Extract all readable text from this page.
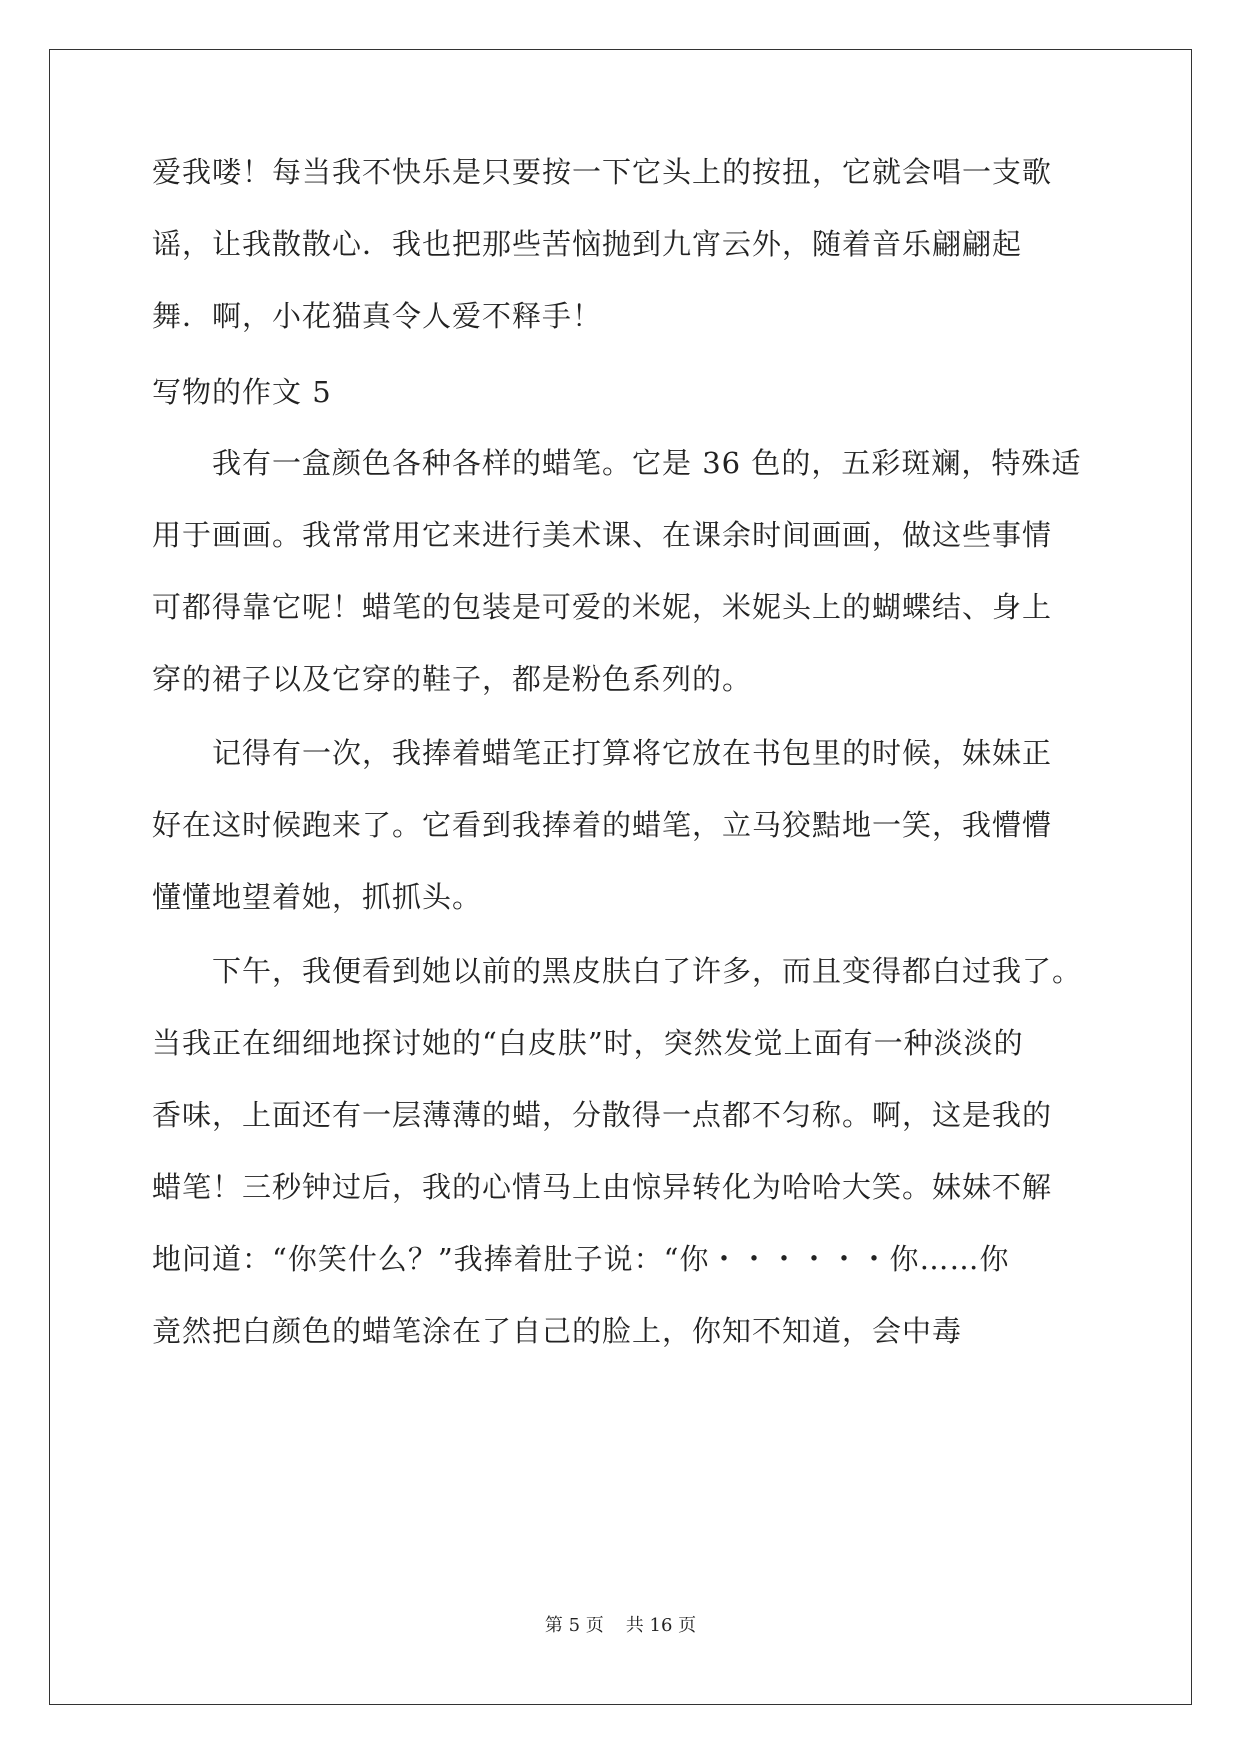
爱我喽！每当我不快乐是只要按一下它头上的按扭，它就会唱一支歌
谣，让我散散心．我也把那些苦恼抛到九宵云外，随着音乐翩翩起
舞．啊，小花猫真令人爱不释手！
写物的作文 5
我有一盒颜色各种各样的蜡笔。它是 36 色的，五彩斑斓，特殊适
用于画画。我常常用它来进行美术课、在课余时间画画，做这些事情
可都得靠它呢！蜡笔的包装是可爱的米妮，米妮头上的蝴蝶结、身上
穿的裙子以及它穿的鞋子，都是粉色系列的。
记得有一次，我捧着蜡笔正打算将它放在书包里的时候，妹妹正
好在这时候跑来了。它看到我捧着的蜡笔，立马狡黠地一笑，我懵懵
懂懂地望着她，抓抓头。
下午，我便看到她以前的黑皮肤白了许多，而且变得都白过我了。
当我正在细细地探讨她的“白皮肤”时，突然发觉上面有一种淡淡的
香味，上面还有一层薄薄的蜡，分散得一点都不匀称。啊，这是我的
蜡笔！三秒钟过后，我的心情马上由惊异转化为哈哈大笑。妹妹不解
地问道：“你笑什么？”我捧着肚子说：“你・・・・・・你……你
竟然把白颜色的蜡笔涂在了自己的脸上，你知不知道，会中毒
第 5 页 共 16 页
